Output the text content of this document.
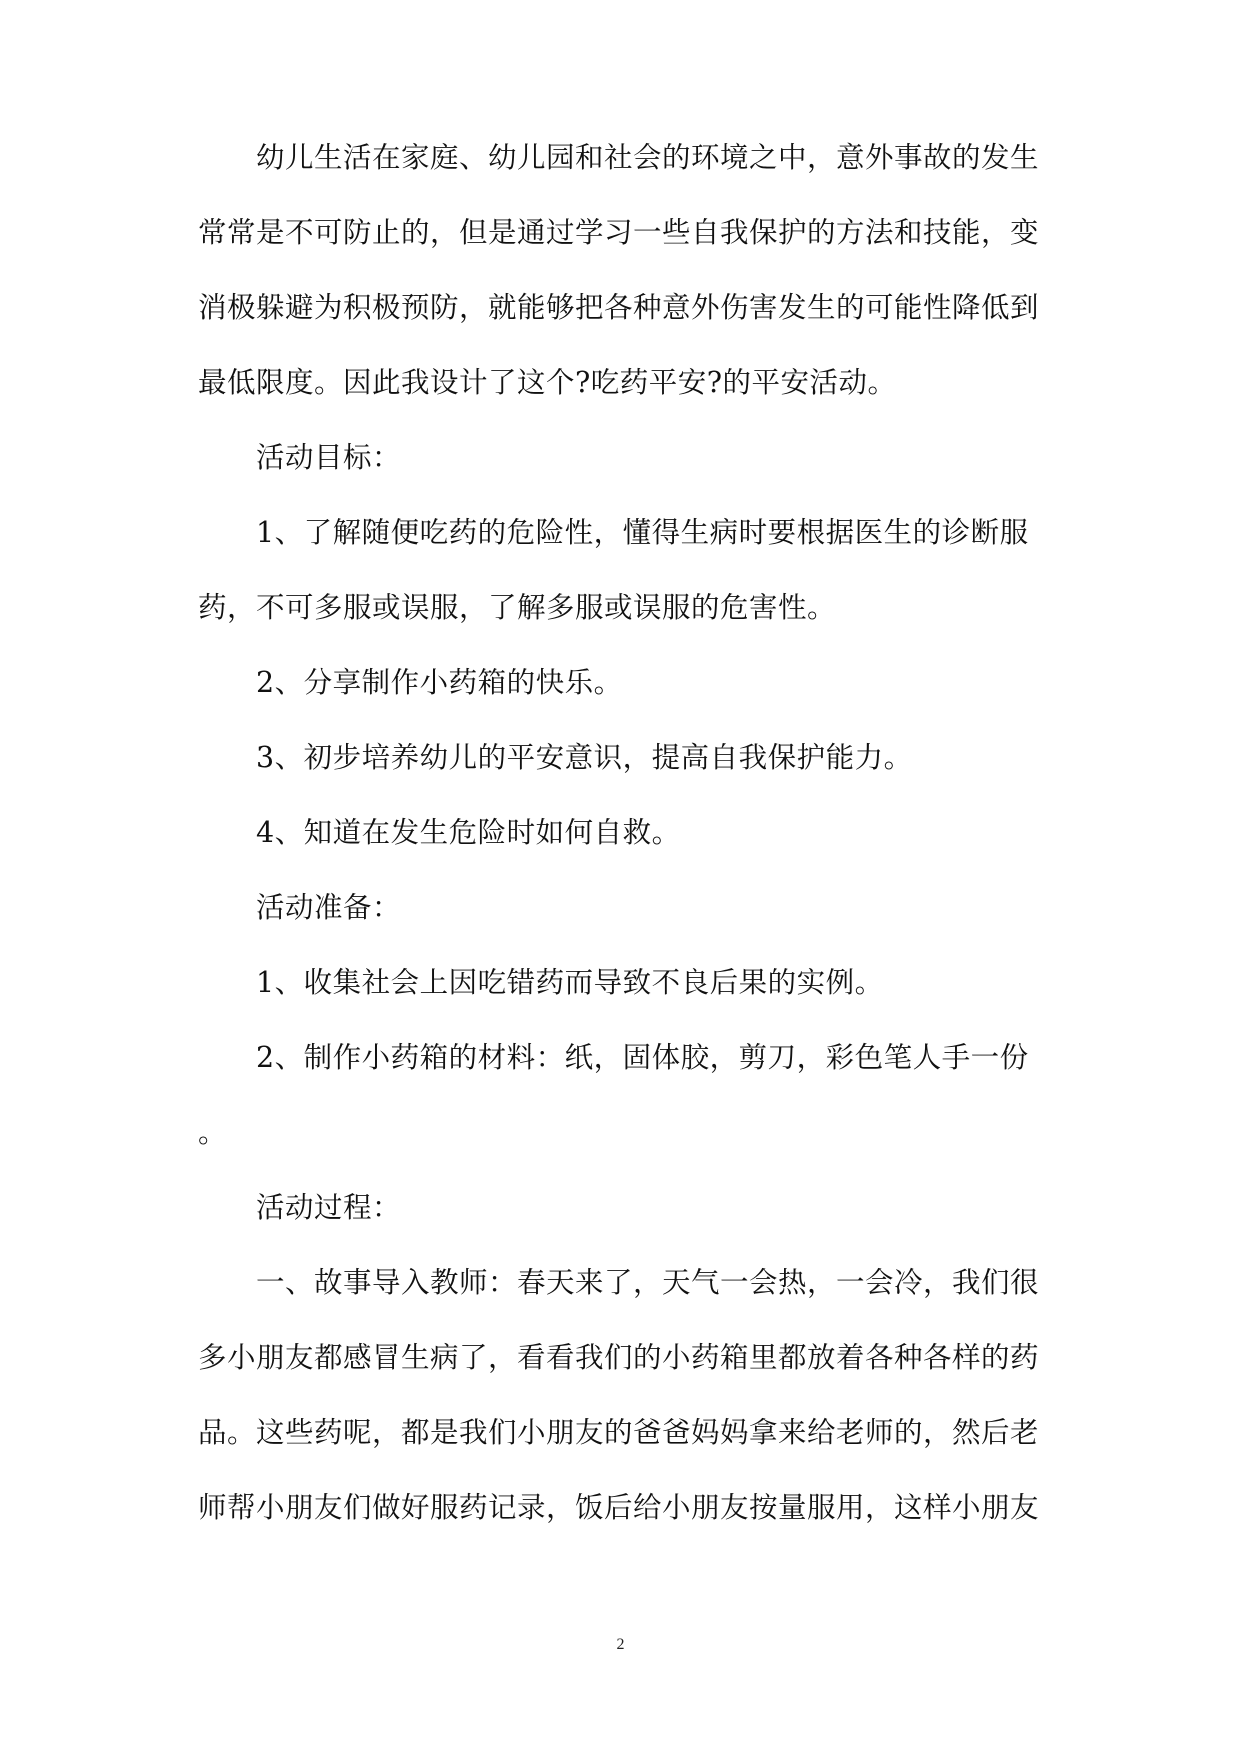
幼儿生活在家庭、幼儿园和社会的环境之中，意外事故的发生
常常是不可防止的，但是通过学习一些自我保护的方法和技能，变
消极躲避为积极预防，就能够把各种意外伤害发生的可能性降低到
最低限度。因此我设计了这个?吃药平安?的平安活动。
活动目标：
1、了解随便吃药的危险性，懂得生病时要根据医生的诊断服
药，不可多服或误服，了解多服或误服的危害性。
2、分享制作小药箱的快乐。
3、初步培养幼儿的平安意识，提高自我保护能力。
4、知道在发生危险时如何自救。
活动准备：
1、收集社会上因吃错药而导致不良后果的实例。
2、制作小药箱的材料：纸，固体胶，剪刀，彩色笔人手一份
。
活动过程：
一、故事导入教师：春天来了，天气一会热，一会冷，我们很
多小朋友都感冒生病了，看看我们的小药箱里都放着各种各样的药
品。这些药呢，都是我们小朋友的爸爸妈妈拿来给老师的，然后老
师帮小朋友们做好服药记录，饭后给小朋友按量服用，这样小朋友
2
